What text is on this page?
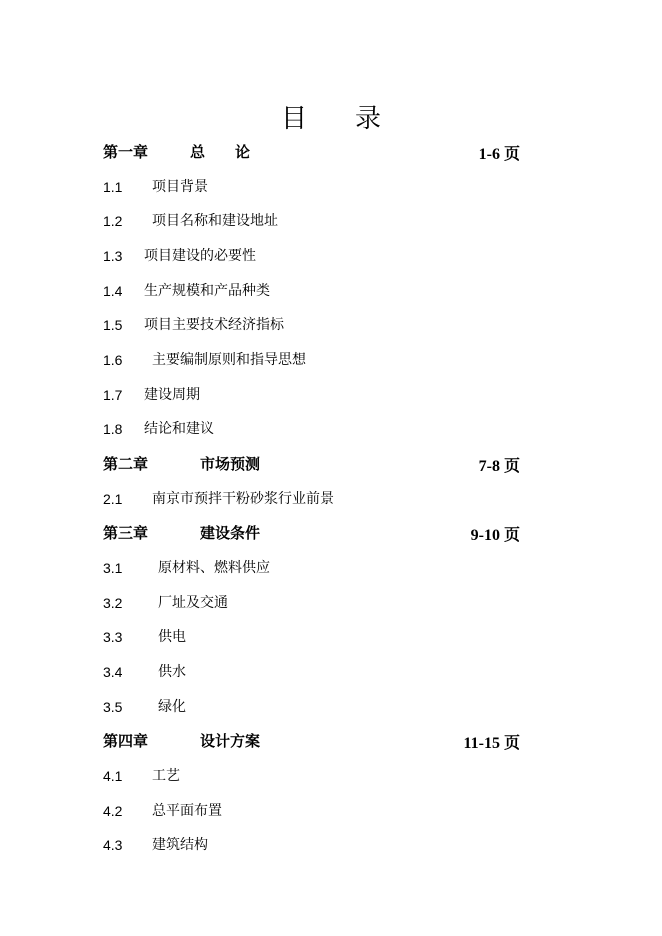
目 录
第一章	总　　论	1-6 页
1.1 项目背景
1.2 项目名称和建设地址
1.3 项目建设的必要性
1.4 生产规模和产品种类
1.5 项目主要技术经济指标
1.6 主要编制原则和指导思想
1.7 建设周期
1.8 结论和建议
第二章	市场预测	7-8 页
2.1 南京市预拌干粉砂浆行业前景
第三章	建设条件	9-10 页
3.1	原材料、燃料供应
3.2	厂址及交通
3.3	供电
3.4	供水
3.5	绿化
第四章	设计方案	11-15 页
4.1 工艺
4.2 总平面布置
4.3 建筑结构
